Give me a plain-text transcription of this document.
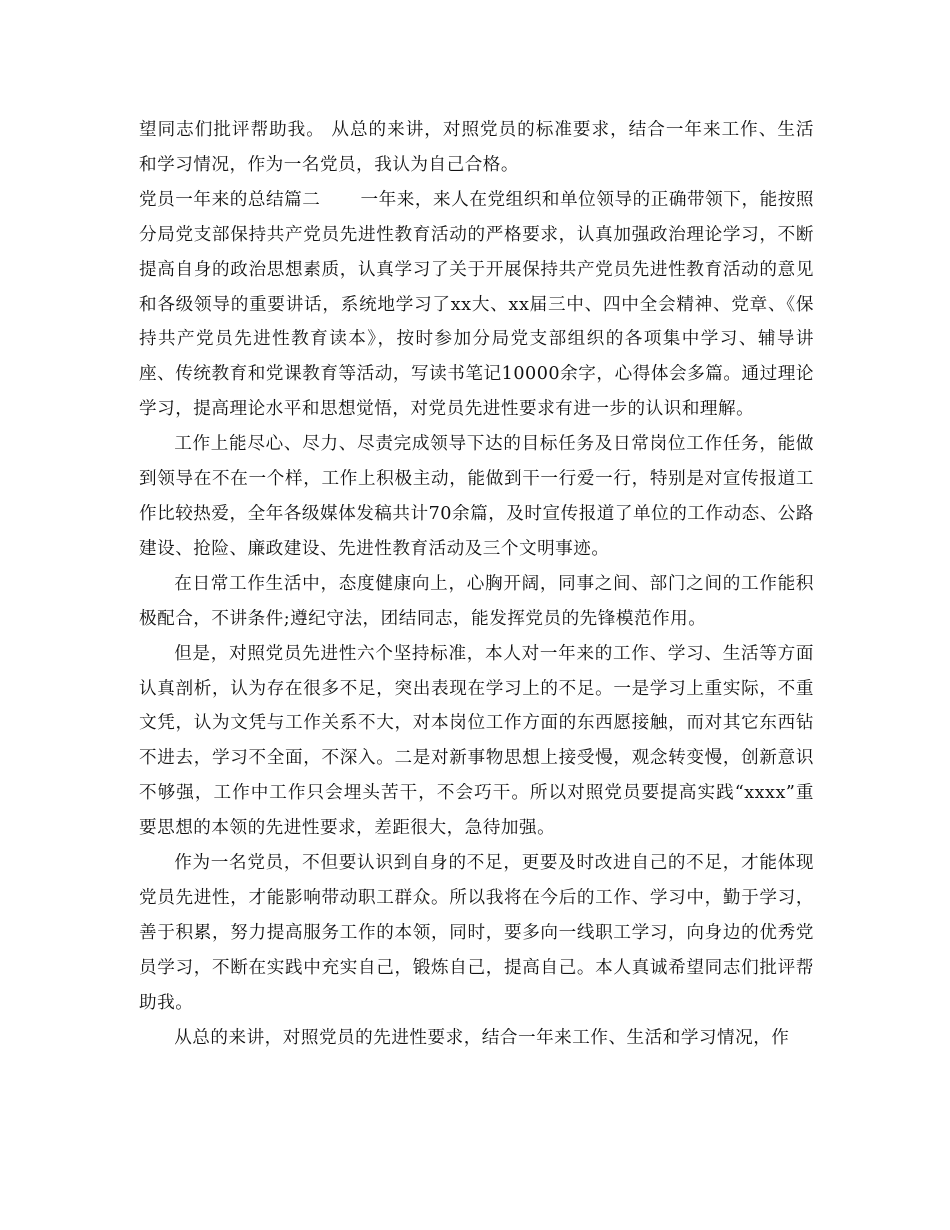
望同志们批评帮助我。 从总的来讲，对照党员的标准要求，结合一年来工作、生活和学习情况，作为一名党员，我认为自己合格。

党员一年来的总结篇二 一年来，来人在党组织和单位领导的正确带领下，能按照分局党支部保持共产党员先进性教育活动的严格要求，认真加强政治理论学习，不断提高自身的政治思想素质，认真学习了关于开展保持共产党员先进性教育活动的意见和各级领导的重要讲话，系统地学习了xx大、xx届三中、四中全会精神、党章、《保持共产党员先进性教育读本》，按时参加分局党支部组织的各项集中学习、辅导讲座、传统教育和党课教育等活动，写读书笔记10000余字，心得体会多篇。通过理论学习，提高理论水平和思想觉悟，对党员先进性要求有进一步的认识和理解。

工作上能尽心、尽力、尽责完成领导下达的目标任务及日常岗位工作任务，能做到领导在不在一个样，工作上积极主动，能做到干一行爱一行，特别是对宣传报道工作比较热爱，全年各级媒体发稿共计70余篇，及时宣传报道了单位的工作动态、公路建设、抢险、廉政建设、先进性教育活动及三个文明事迹。

在日常工作生活中，态度健康向上，心胸开阔，同事之间、部门之间的工作能积极配合，不讲条件;遵纪守法，团结同志，能发挥党员的先锋模范作用。

但是，对照党员先进性六个坚持标准，本人对一年来的工作、学习、生活等方面认真剖析，认为存在很多不足，突出表现在学习上的不足。一是学习上重实际，不重文凭，认为文凭与工作关系不大，对本岗位工作方面的东西愿接触，而对其它东西钻不进去，学习不全面，不深入。二是对新事物思想上接受慢，观念转变慢，创新意识不够强，工作中工作只会埋头苦干，不会巧干。所以对照党员要提高实践“xxxx”重要思想的本领的先进性要求，差距很大，急待加强。

作为一名党员，不但要认识到自身的不足，更要及时改进自己的不足，才能体现党员先进性，才能影响带动职工群众。所以我将在今后的工作、学习中，勤于学习，善于积累，努力提高服务工作的本领，同时，要多向一线职工学习，向身边的优秀党员学习，不断在实践中充实自己，锻炼自己，提高自己。本人真诚希望同志们批评帮助我。

从总的来讲，对照党员的先进性要求，结合一年来工作、生活和学习情况，作
